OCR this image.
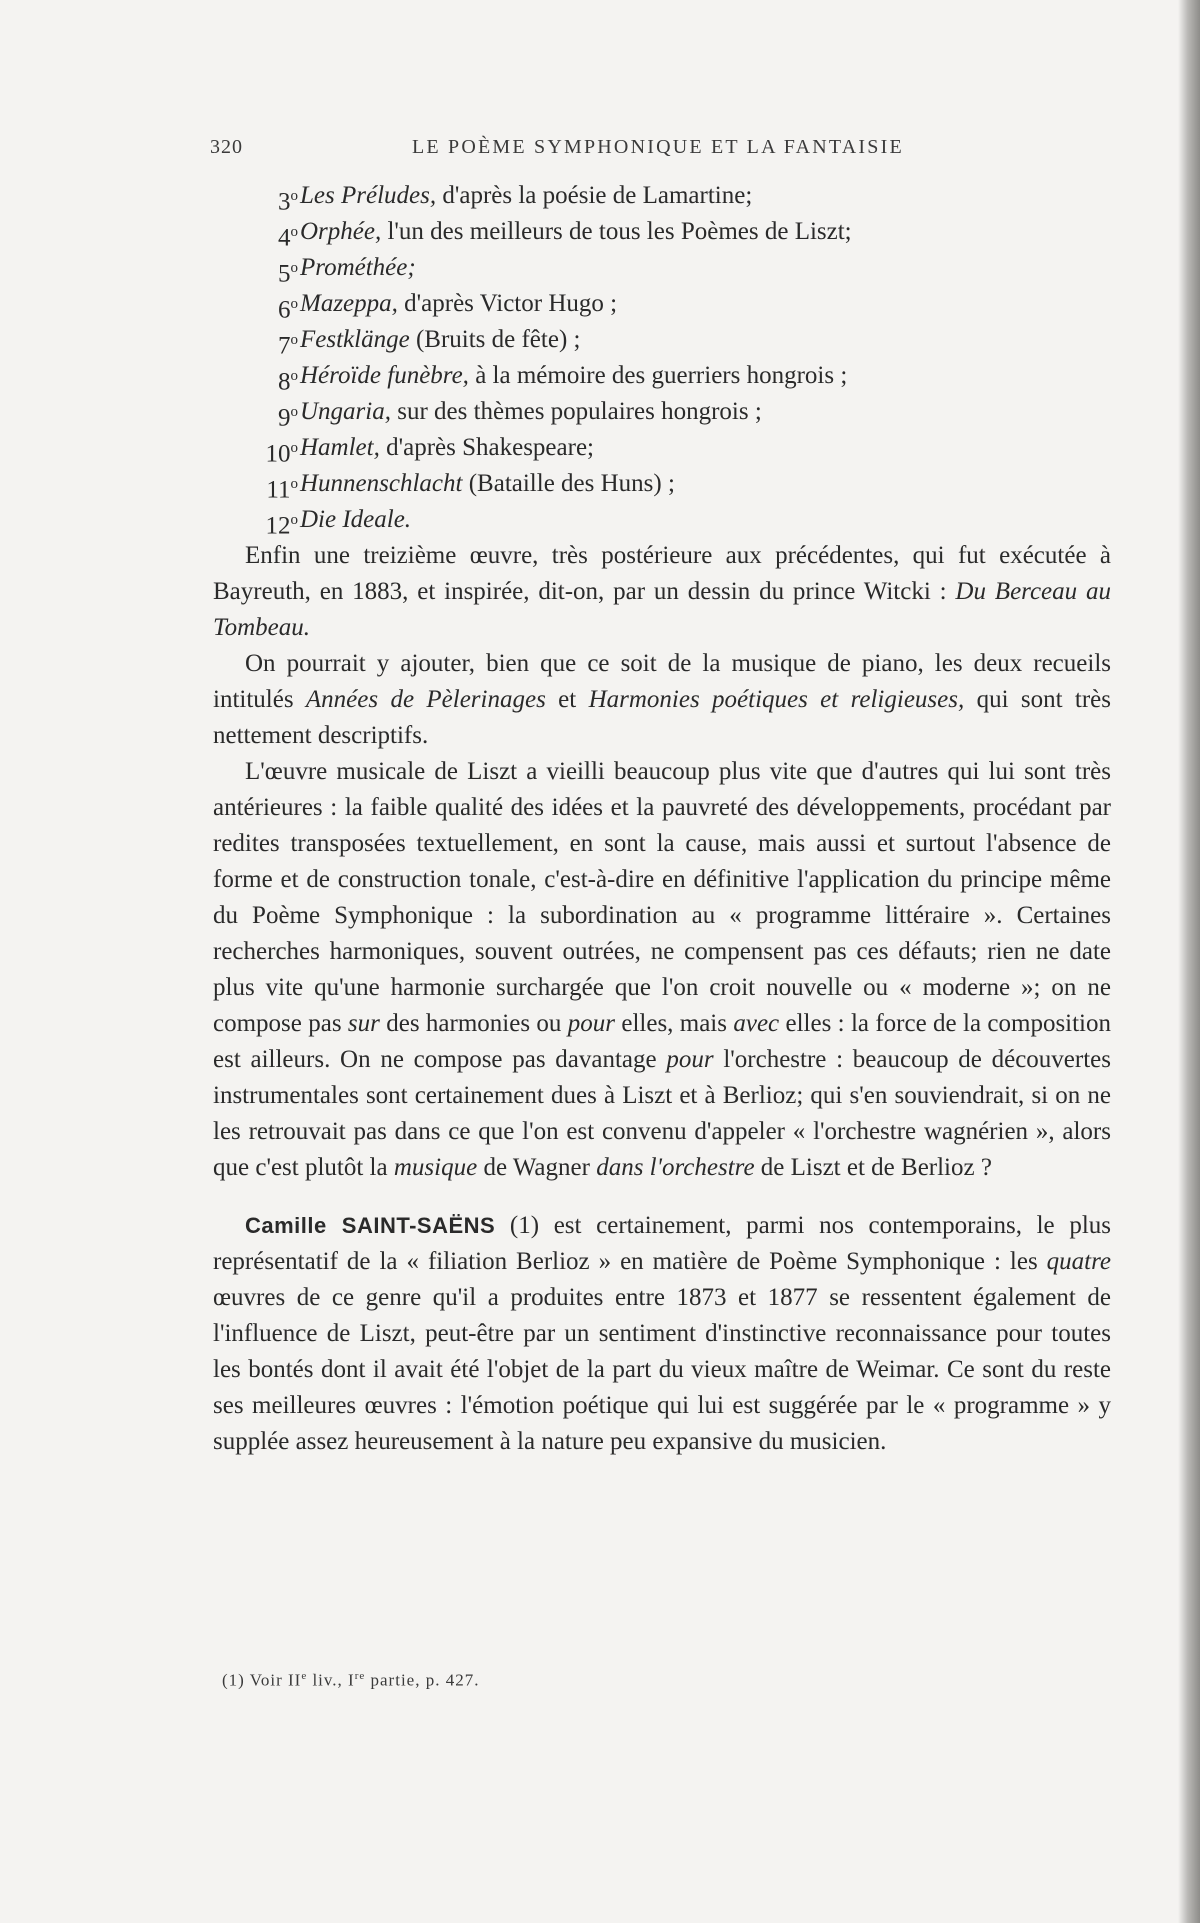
320	LE POÈME SYMPHONIQUE ET LA FANTAISIE
3$^o$ Les Préludes, d'après la poésie de Lamartine;
4$^o$ Orphée, l'un des meilleurs de tous les Poèmes de Liszt;
5$^o$ Prométhée;
6$^o$ Mazeppa, d'après Victor Hugo ;
7$^o$ Festklänge (Bruits de fête) ;
8$^o$ Héroïde funèbre, à la mémoire des guerriers hongrois ;
9$^o$ Ungaria, sur des thèmes populaires hongrois ;
10$^o$ Hamlet, d'après Shakespeare;
11$^o$ Hunnenschlacht (Bataille des Huns) ;
12$^o$ Die Ideale.

Enfin une treizième œuvre, très postérieure aux précédentes, qui fut exécutée à Bayreuth, en 1883, et inspirée, dit-on, par un dessin du prince Witcki : Du Berceau au Tombeau.

On pourrait y ajouter, bien que ce soit de la musique de piano, les deux recueils intitulés Années de Pèlerinages et Harmonies poétiques et religieuses, qui sont très nettement descriptifs.

L'œuvre musicale de Liszt a vieilli beaucoup plus vite que d'autres qui lui sont très antérieures : la faible qualité des idées et la pauvreté des développements, procédant par redites transposées textuellement, en sont la cause, mais aussi et surtout l'absence de forme et de construction tonale, c'est-à-dire en définitive l'application du principe même du Poème Symphonique : la subordination au « programme littéraire ». Certaines recherches harmoniques, souvent outrées, ne compensent pas ces défauts; rien ne date plus vite qu'une harmonie surchargée que l'on croit nouvelle ou « moderne »; on ne compose pas sur des harmonies ou pour elles, mais avec elles : la force de la composition est ailleurs. On ne compose pas davantage pour l'orchestre : beaucoup de découvertes instrumentales sont certainement dues à Liszt et à Berlioz; qui s'en souviendrait, si on ne les retrouvait pas dans ce que l'on est convenu d'appeler « l'orchestre wagnérien », alors que c'est plutôt la musique de Wagner dans l'orchestre de Liszt et de Berlioz ?

Camille SAINT-SAËNS (1) est certainement, parmi nos contemporains, le plus représentatif de la « filiation Berlioz » en matière de Poème Symphonique : les quatre œuvres de ce genre qu'il a produites entre 1873 et 1877 se ressentent également de l'influence de Liszt, peut-être par un sentiment d'instinctive reconnaissance pour toutes les bontés dont il avait été l'objet de la part du vieux maître de Weimar. Ce sont du reste ses meilleures œuvres : l'émotion poétique qui lui est suggérée par le « programme » y supplée assez heureusement à la nature peu expansive du musicien.

(1) Voir IIe liv., Ire partie, p. 427.
